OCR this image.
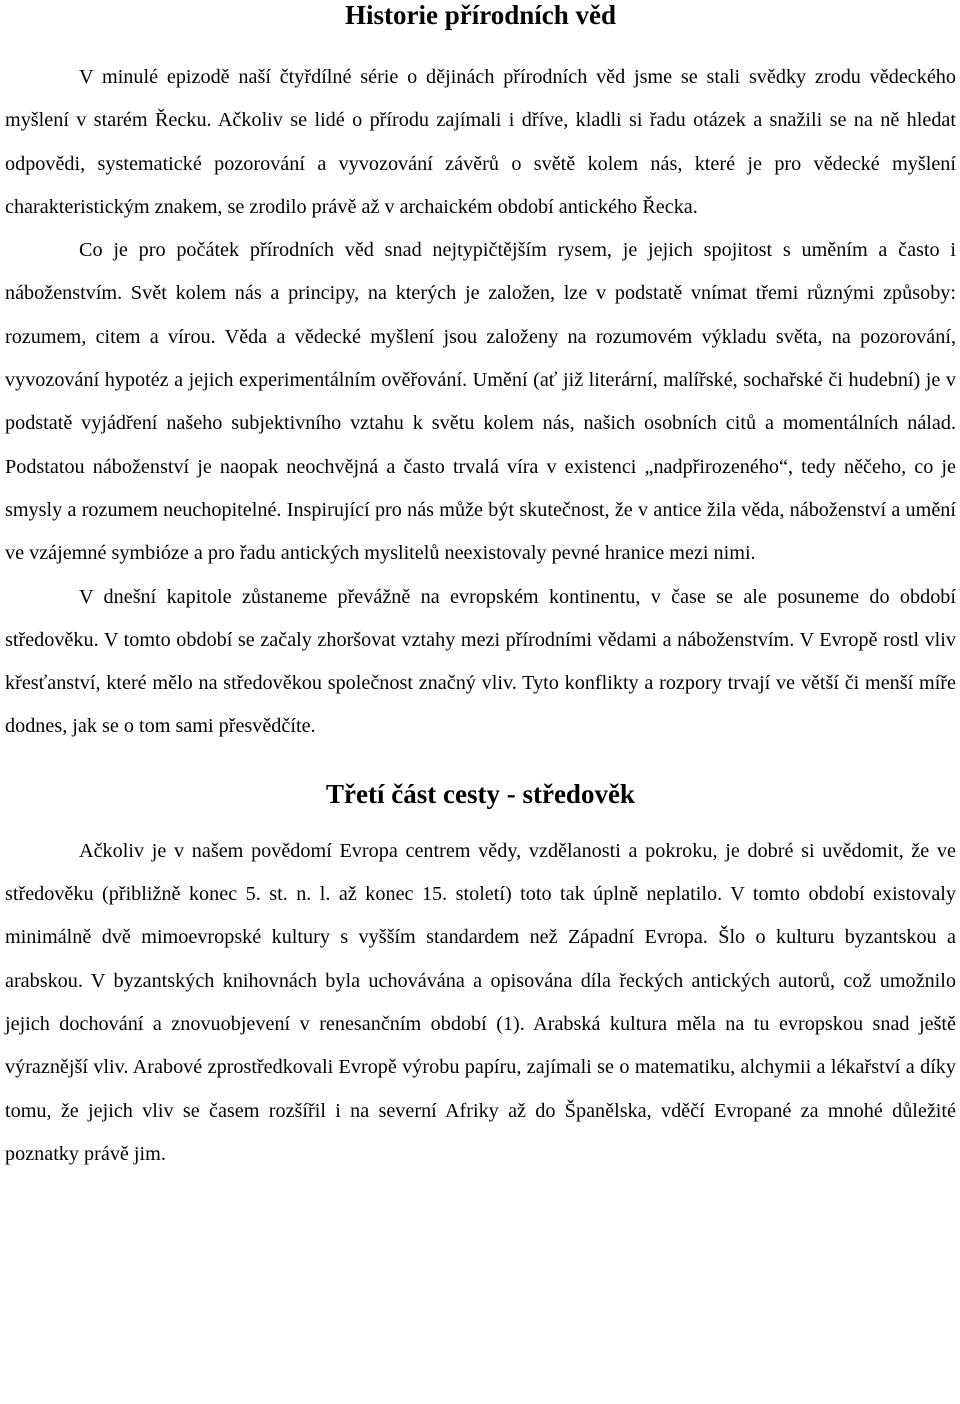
Historie přírodních věd

V minulé epizodě naší čtyřdílné série o dějinách přírodních věd jsme se stali svědky zrodu vědeckého myšlení v starém Řecku. Ačkoliv se lidé o přírodu zajímali i dříve, kladli si řadu otázek a snažili se na ně hledat odpovědi, systematické pozorování a vyvozování závěrů o světě kolem nás, které je pro vědecké myšlení charakteristickým znakem, se zrodilo právě až v archaickém období antického Řecka.

Co je pro počátek přírodních věd snad nejtypičtějším rysem, je jejich spojitost s uměním a často i náboženstvím. Svět kolem nás a principy, na kterých je založen, lze v podstatě vnímat třemi různými způsoby: rozumem, citem a vírou. Věda a vědecké myšlení jsou založeny na rozumovém výkladu světa, na pozorování, vyvozování hypotéz a jejich experimentálním ověřování. Umění (ať již literární, malířské, sochařské či hudební) je v podstatě vyjádření našeho subjektivního vztahu k světu kolem nás, našich osobních citů a momentálních nálad. Podstatou náboženství je naopak neochvějná a často trvalá víra v existenci „nadpřirozeného“, tedy něčeho, co je smysly a rozumem neuchopitelné. Inspirující pro nás může být skutečnost, že v antice žila věda, náboženství a umění ve vzájemné symbióze a pro řadu antických myslitelů neexistovaly pevné hranice mezi nimi.

V dnešní kapitole zůstaneme převážně na evropském kontinentu, v čase se ale posuneme do období středověku. V tomto období se začaly zhoršovat vztahy mezi přírodními vědami a náboženstvím. V Evropě rostl vliv křesťanství, které mělo na středověkou společnost značný vliv. Tyto konflikty a rozpory trvají ve větší či menší míře dodnes, jak se o tom sami přesvědčíte.

Třetí část cesty - středověk

Ačkoliv je v našem povědomí Evropa centrem vědy, vzdělanosti a pokroku, je dobré si uvědomit, že ve středověku (přibližně konec 5. st. n. l. až konec 15. století) toto tak úplně neplatilo. V tomto období existovaly minimálně dvě mimoevropské kultury s vyšším standardem než Západní Evropa. Šlo o kulturu byzantskou a arabskou. V byzantských knihovnách byla uchovávána a opisována díla řeckých antických autorů, což umožnilo jejich dochování a znovuobjevení v renesančním období (1). Arabská kultura měla na tu evropskou snad ještě výraznější vliv. Arabové zprostředkovali Evropě výrobu papíru, zajímali se o matematiku, alchymii a lékařství a díky tomu, že jejich vliv se časem rozšířil i na severní Afriky až do Španělska, vděčí Evropané za mnohé důležité poznatky právě jim.
